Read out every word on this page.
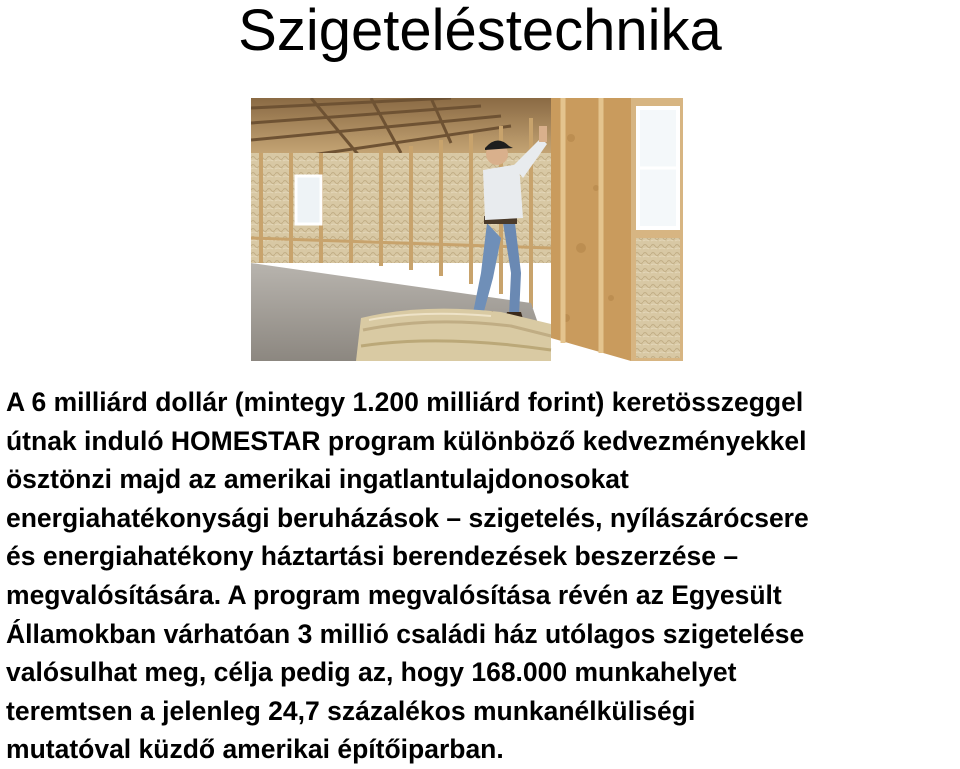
Szigeteléstechnika
A 6 milliárd dollár (mintegy 1.200 milliárd forint) keretösszeggel
útnak induló HOMESTAR program különböző kedvezményekkel
ösztönzi majd az amerikai ingatlantulajdonosokat
energiahatékonysági beruházások – szigetelés, nyílászárócsere
és energiahatékony háztartási berendezések beszerzése –
megvalósítására. A program megvalósítása révén az Egyesült
Államokban várhatóan 3 millió családi ház utólagos szigetelése
valósulhat meg, célja pedig az, hogy 168.000 munkahelyet
teremtsen a jelenleg 24,7 százalékos munkanélküliségi
mutatóval küzdő amerikai építőiparban.
